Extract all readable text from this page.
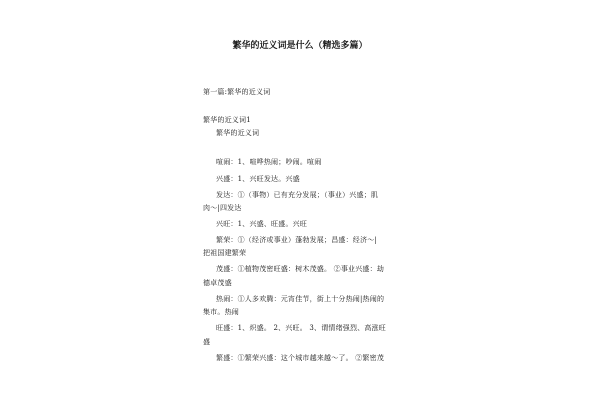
繁华的近义词是什么（精选多篇）
第一篇:繁华的近义词
繁华的近义词1
繁华的近义词
喧闹：1、喧哗热闹；吵闹。喧闹
兴盛：1、兴旺发达。兴盛
发达：①（事物）已有充分发展；（事业）兴盛；肌
肉～|四发达
兴旺：1、兴盛、旺盛。兴旺
繁荣：①（经济或事业）蓬勃发展；昌盛：经济～|
把祖国建繁荣
茂盛：①植物茂密旺盛：树木茂盛。 ②事业兴盛：劫
德卓茂盛
热闹：①人多欢腾：元宵佳节，街上十分热闹|热闹的
集市。热闹
旺盛：1、炽盛。 2、兴旺。 3、谓情绪强烈、高涨旺
盛
繁盛：①繁荣兴盛：这个城市越来越～了。 ②繁密茂
